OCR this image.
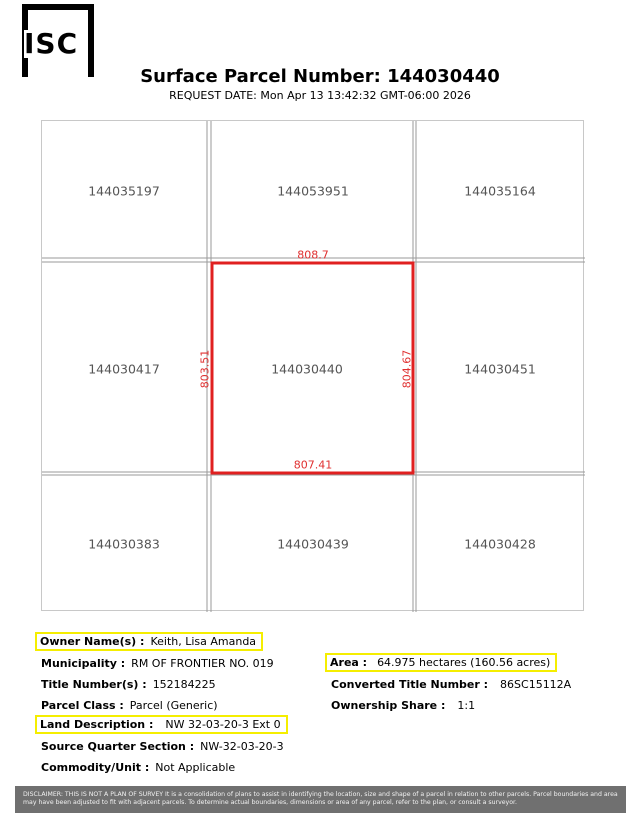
ISC
Surface Parcel Number: 144030440
REQUEST DATE: Mon Apr 13 13:42:32 GMT-06:00 2026
144035197	144053951	144035164
144030417	144030440	144030451
144030383	144030439	144030428
808.7
807.41
803.51	804.67
Owner Name(s) : Keith, Lisa Amanda
Municipality : RM OF FRONTIER NO. 019
Title Number(s) : 152184225
Parcel Class : Parcel (Generic)
Land Description : NW 32-03-20-3 Ext 0
Source Quarter Section : NW-32-03-20-3
Commodity/Unit : Not Applicable
Area : 64.975 hectares (160.56 acres)
Converted Title Number : 86SC15112A
Ownership Share : 1:1
DISCLAIMER: THIS IS NOT A PLAN OF SURVEY It is a consolidation of plans to assist in identifying the location, size and shape of a parcel in relation to other parcels. Parcel boundaries and area may have been adjusted to fit with adjacent parcels. To determine actual boundaries, dimensions or area of any parcel, refer to the plan, or consult a surveyor.
